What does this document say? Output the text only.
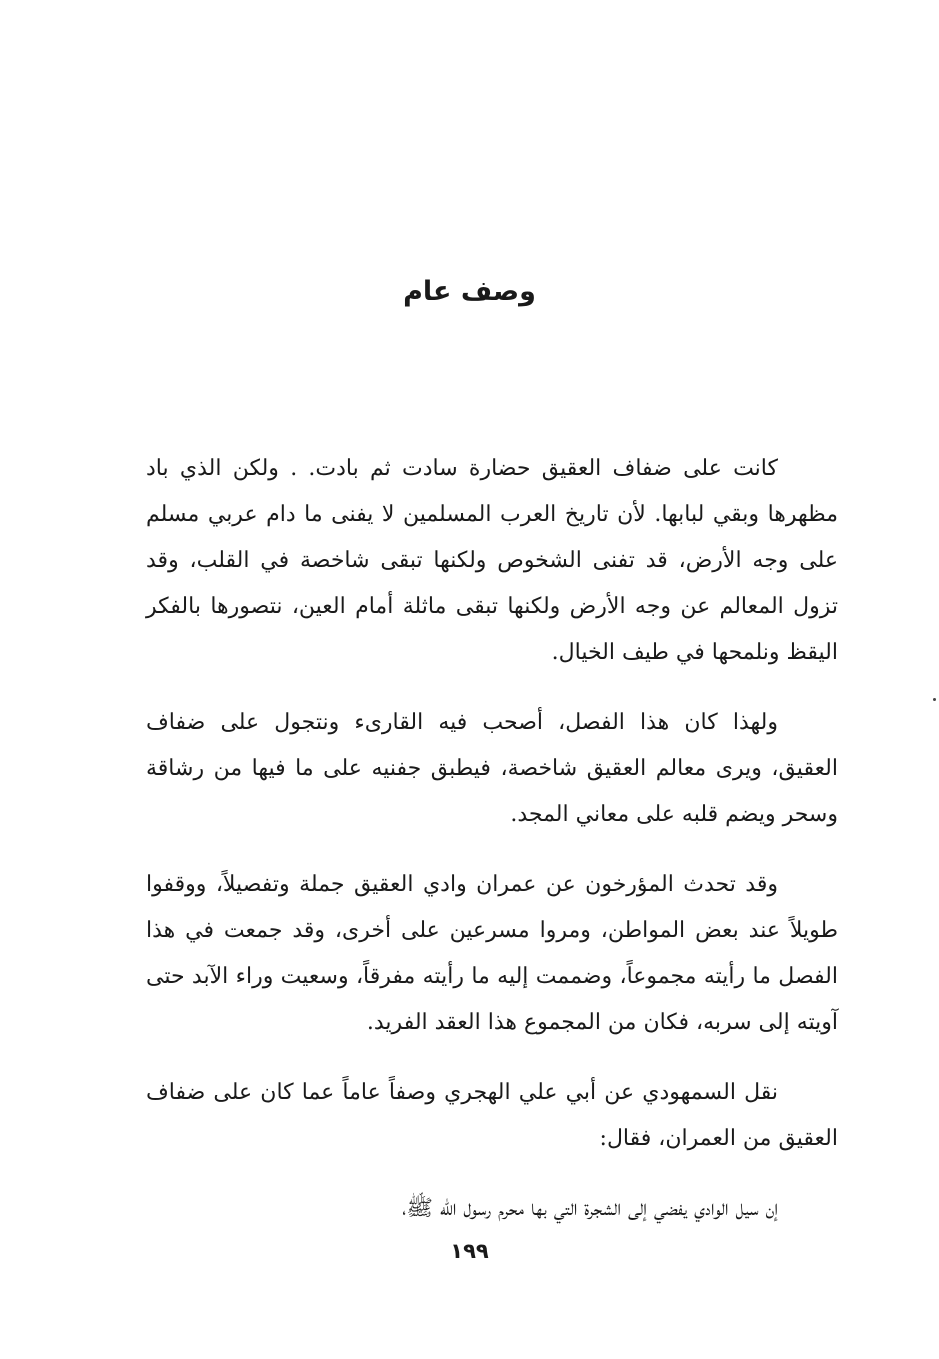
وصف عام

كانت على ضفاف العقيق حضارة سادت ثم بادت. . ولكن الذي باد مظهرها وبقي لبابها. لأن تاريخ العرب المسلمين لا يفنى ما دام عربي مسلم على وجه الأرض، قد تفنى الشخوص ولكنها تبقى شاخصة في القلب، وقد تزول المعالم عن وجه الأرض ولكنها تبقى ماثلة أمام العين، نتصورها بالفكر اليقظ ونلمحها في طيف الخيال.

ولهذا كان هذا الفصل، أصحب فيه القارىء ونتجول على ضفاف العقيق، ويرى معالم العقيق شاخصة، فيطبق جفنيه على ما فيها من رشاقة وسحر ويضم قلبه على معاني المجد.

وقد تحدث المؤرخون عن عمران وادي العقيق جملة وتفصيلاً، ووقفوا طويلاً عند بعض المواطن، ومروا مسرعين على أخرى، وقد جمعت في هذا الفصل ما رأيته مجموعاً، وضممت إليه ما رأيته مفرقاً، وسعيت وراء الآبد حتى آويته إلى سربه، فكان من المجموع هذا العقد الفريد.

نقل السمهودي عن أبي علي الهجري وصفاً عاماً عما كان على ضفاف العقيق من العمران، فقال:

إن سيل الوادي يفضي إلى الشجرة التي بها محرم رسول الله ﷺ،

١٩٩
